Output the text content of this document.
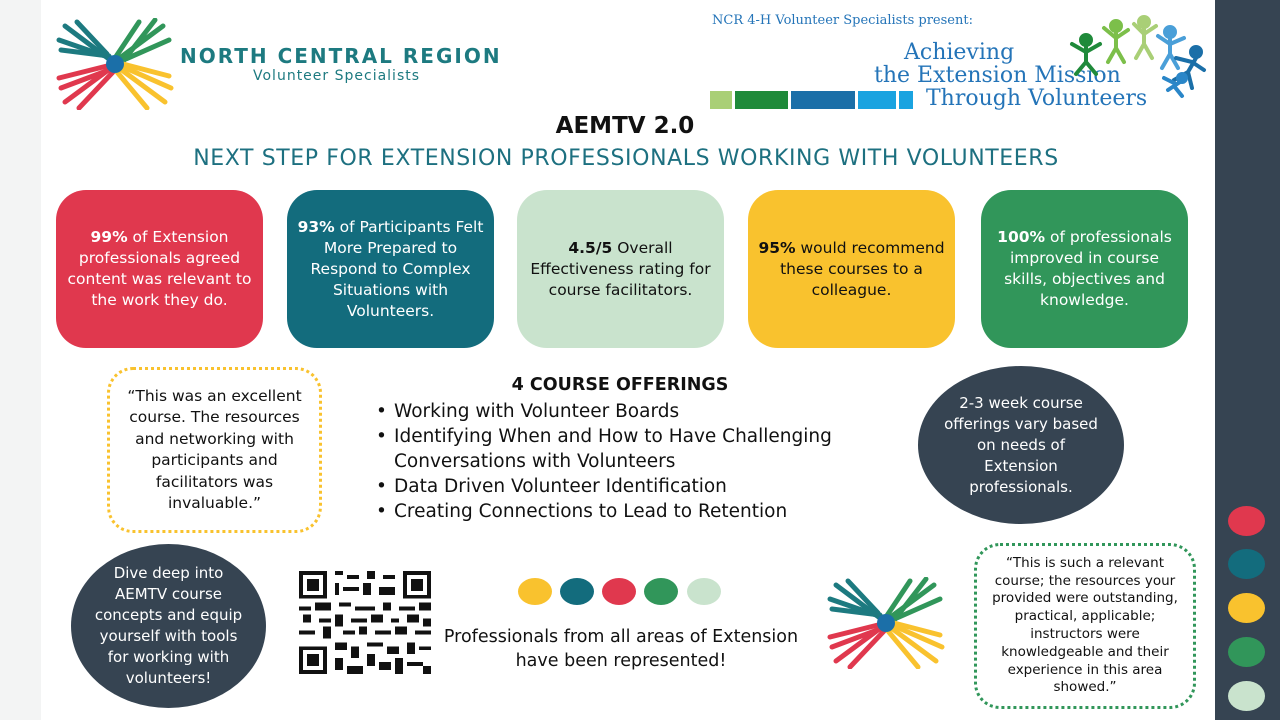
NORTH CENTRAL REGION
Volunteer Specialists
NCR 4-H Volunteer Specialists present:
Achieving
the Extension Mission
Through Volunteers
AEMTV 2.0
NEXT STEP FOR EXTENSION PROFESSIONALS WORKING WITH VOLUNTEERS
99% of Extension professionals agreed content was relevant to the work they do.
93% of Participants Felt More Prepared to Respond to Complex Situations with Volunteers.
4.5/5 Overall Effectiveness rating for course facilitators.
95% would recommend these courses to a colleague.
100% of professionals improved in course skills, objectives and knowledge.
“This was an excellent course. The resources and networking with participants and facilitators was invaluable.”
4 COURSE OFFERINGS
• Working with Volunteer Boards
• Identifying When and How to Have Challenging Conversations with Volunteers
• Data Driven Volunteer Identification
• Creating Connections to Lead to Retention
2-3 week course offerings vary based on needs of Extension professionals.
Dive deep into AEMTV course concepts and equip yourself with tools for working with volunteers!
Professionals from all areas of Extension have been represented!
“This is such a relevant course; the resources your provided were outstanding, practical, applicable; instructors were knowledgeable and their experience in this area showed.”
